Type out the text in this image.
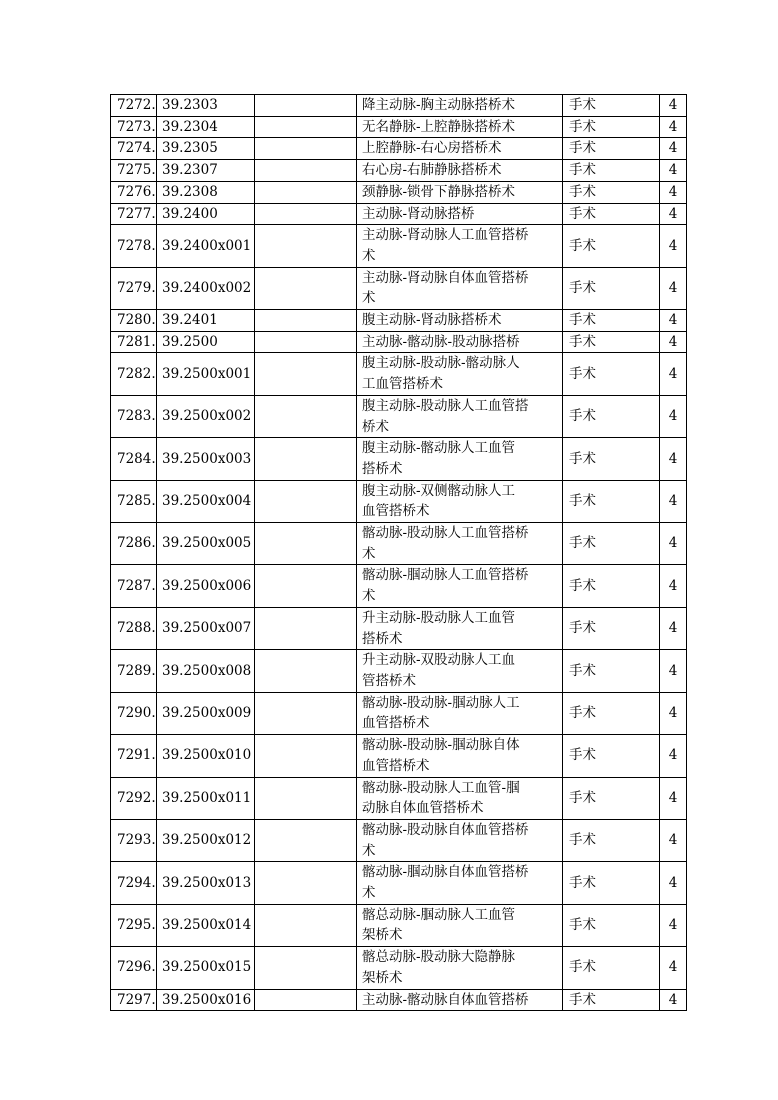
7272.	39.2303		降主动脉-胸主动脉搭桥术	手术	4
7273.	39.2304		无名静脉-上腔静脉搭桥术	手术	4
7274.	39.2305		上腔静脉-右心房搭桥术	手术	4
7275.	39.2307		右心房-右肺静脉搭桥术	手术	4
7276.	39.2308		颈静脉-锁骨下静脉搭桥术	手术	4
7277.	39.2400		主动脉-肾动脉搭桥	手术	4
7278.	39.2400x001		主动脉-肾动脉人工血管搭桥
术	手术	4
7279.	39.2400x002		主动脉-肾动脉自体血管搭桥
术	手术	4
7280.	39.2401		腹主动脉-肾动脉搭桥术	手术	4
7281.	39.2500		主动脉-髂动脉-股动脉搭桥	手术	4
7282.	39.2500x001		腹主动脉-股动脉-髂动脉人
工血管搭桥术	手术	4
7283.	39.2500x002		腹主动脉-股动脉人工血管搭
桥术	手术	4
7284.	39.2500x003		腹主动脉-髂动脉人工血管
搭桥术	手术	4
7285.	39.2500x004		腹主动脉-双侧髂动脉人工
血管搭桥术	手术	4
7286.	39.2500x005		髂动脉-股动脉人工血管搭桥
术	手术	4
7287.	39.2500x006		髂动脉-腘动脉人工血管搭桥
术	手术	4
7288.	39.2500x007		升主动脉-股动脉人工血管
搭桥术	手术	4
7289.	39.2500x008		升主动脉-双股动脉人工血
管搭桥术	手术	4
7290.	39.2500x009		髂动脉-股动脉-腘动脉人工
血管搭桥术	手术	4
7291.	39.2500x010		髂动脉-股动脉-腘动脉自体
血管搭桥术	手术	4
7292.	39.2500x011		髂动脉-股动脉人工血管-腘
动脉自体血管搭桥术	手术	4
7293.	39.2500x012		髂动脉-股动脉自体血管搭桥
术	手术	4
7294.	39.2500x013		髂动脉-腘动脉自体血管搭桥
术	手术	4
7295.	39.2500x014		髂总动脉-腘动脉人工血管
架桥术	手术	4
7296.	39.2500x015		髂总动脉-股动脉大隐静脉
架桥术	手术	4
7297.	39.2500x016		主动脉-髂动脉自体血管搭桥	手术	4
